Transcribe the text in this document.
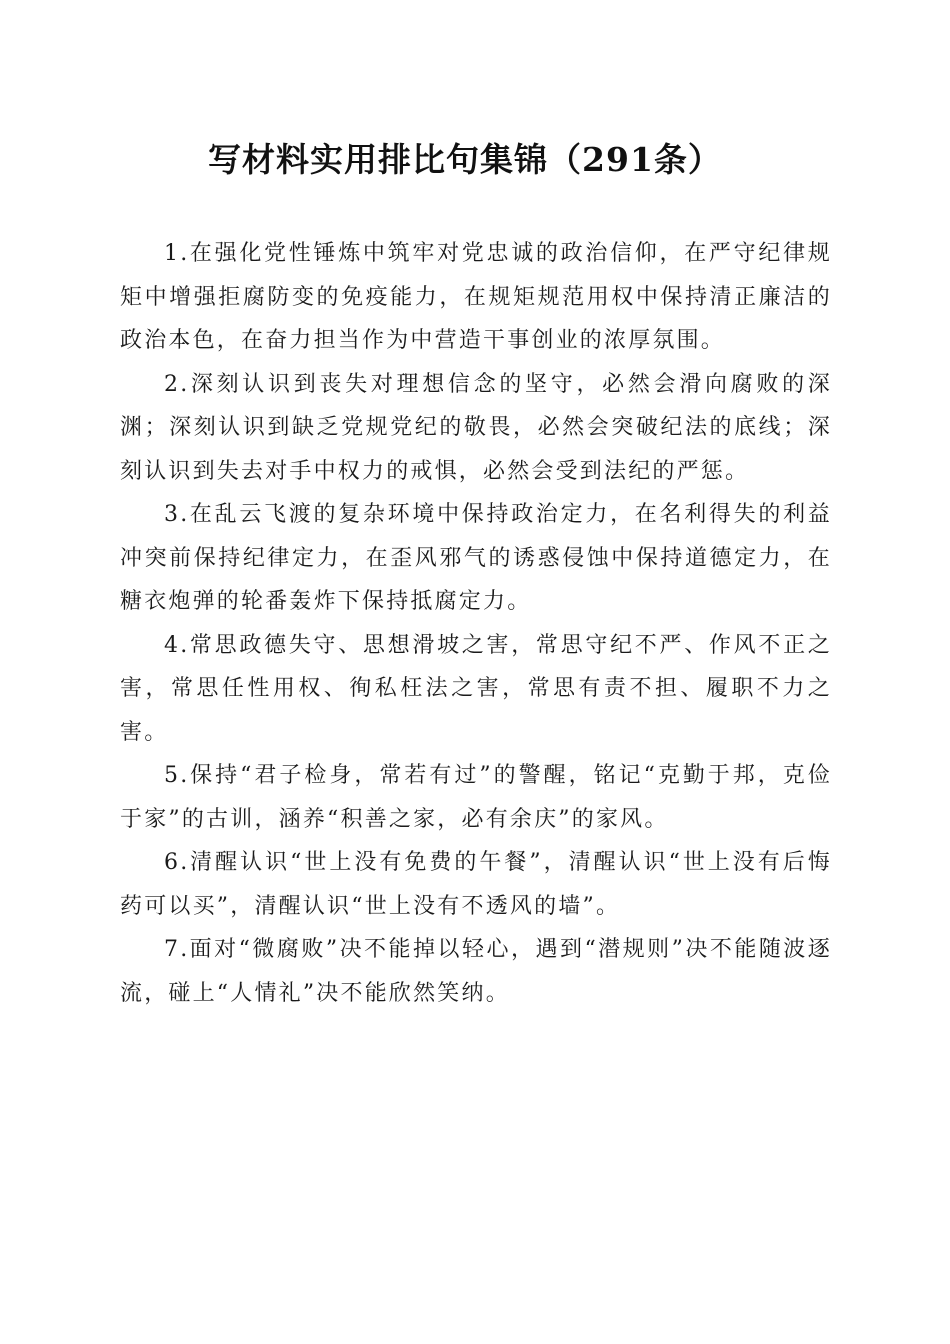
写材料实用排比句集锦（291条）

1.在强化党性锤炼中筑牢对党忠诚的政治信仰，在严守纪律规矩中增强拒腐防变的免疫能力，在规矩规范用权中保持清正廉洁的政治本色，在奋力担当作为中营造干事创业的浓厚氛围。

2.深刻认识到丧失对理想信念的坚守，必然会滑向腐败的深渊；深刻认识到缺乏党规党纪的敬畏，必然会突破纪法的底线；深刻认识到失去对手中权力的戒惧，必然会受到法纪的严惩。

3.在乱云飞渡的复杂环境中保持政治定力，在名利得失的利益冲突前保持纪律定力，在歪风邪气的诱惑侵蚀中保持道德定力，在糖衣炮弹的轮番轰炸下保持抵腐定力。

4.常思政德失守、思想滑坡之害，常思守纪不严、作风不正之害，常思任性用权、徇私枉法之害，常思有责不担、履职不力之害。

5.保持“君子检身，常若有过”的警醒，铭记“克勤于邦，克俭于家”的古训，涵养“积善之家，必有余庆”的家风。

6.清醒认识“世上没有免费的午餐”，清醒认识“世上没有后悔药可以买”，清醒认识“世上没有不透风的墙”。

7.面对“微腐败”决不能掉以轻心，遇到“潜规则”决不能随波逐流，碰上“人情礼”决不能欣然笑纳。
